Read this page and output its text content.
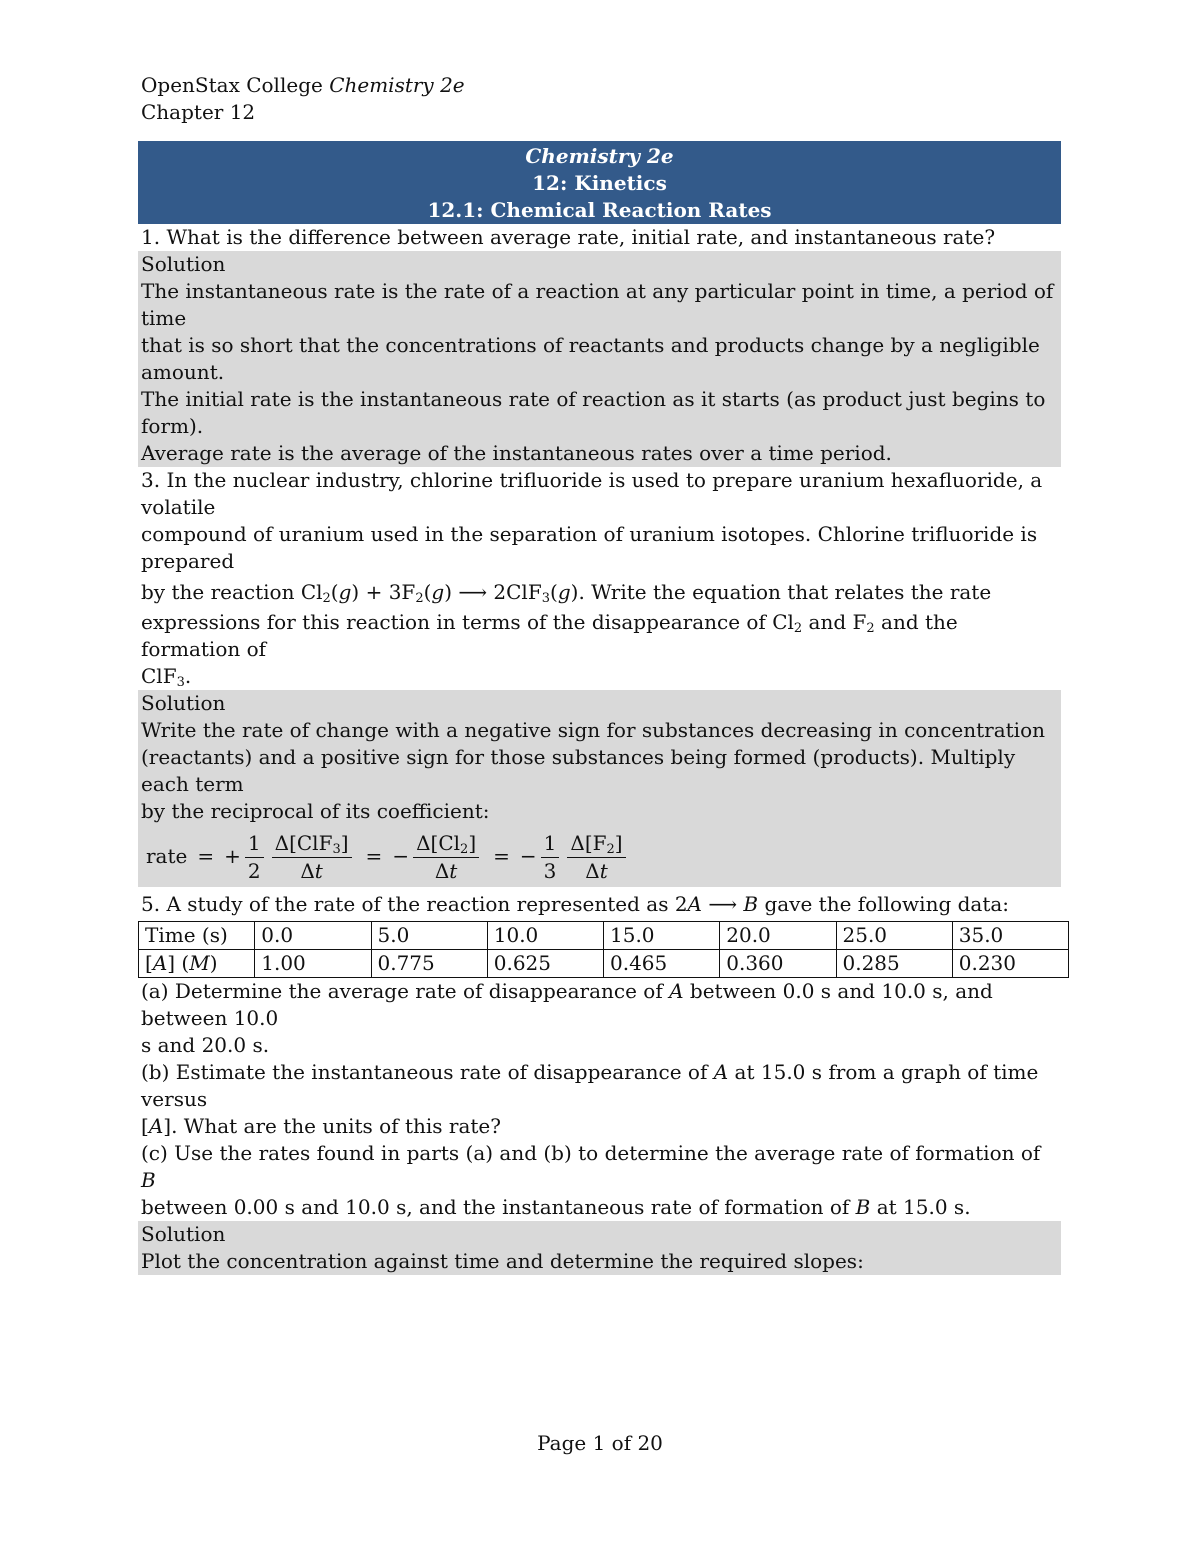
OpenStax College Chemistry 2e
Chapter 12
Chemistry 2e
12: Kinetics
12.1: Chemical Reaction Rates
1. What is the difference between average rate, initial rate, and instantaneous rate?
Solution
The instantaneous rate is the rate of a reaction at any particular point in time, a period of time
that is so short that the concentrations of reactants and products change by a negligible amount.
The initial rate is the instantaneous rate of reaction as it starts (as product just begins to form).
Average rate is the average of the instantaneous rates over a time period.
3. In the nuclear industry, chlorine trifluoride is used to prepare uranium hexafluoride, a volatile
compound of uranium used in the separation of uranium isotopes. Chlorine trifluoride is prepared
by the reaction $Cl_2(g) + 3F_2(g)$ ⟶ 2ClF$_3$(g). Write the equation that relates the rate
expressions for this reaction in terms of the disappearance of $Cl_2$ and $F_2$ and the formation of
ClF$_3$.
Solution
Write the rate of change with a negative sign for substances decreasing in concentration
(reactants) and a positive sign for those substances being formed (products). Multiply each term
by the reciprocal of its coefficient:
rate = + $\frac{1}{2} \frac{\Delta[ClF_3]}{\Delta t}$ = − $\frac{\Delta[Cl_2]}{\Delta t}$ = − $\frac{1}{3} \frac{\Delta[F_2]}{\Delta t}$
5. A study of the rate of the reaction represented as 2A ⟶ B gave the following data:
Time (s)	0.0	5.0	10.0	15.0	20.0	25.0	35.0
[A] (M)	1.00	0.775	0.625	0.465	0.360	0.285	0.230
(a) Determine the average rate of disappearance of A between 0.0 s and 10.0 s, and between 10.0
s and 20.0 s.
(b) Estimate the instantaneous rate of disappearance of A at 15.0 s from a graph of time versus
[A]. What are the units of this rate?
(c) Use the rates found in parts (a) and (b) to determine the average rate of formation of B
between 0.00 s and 10.0 s, and the instantaneous rate of formation of B at 15.0 s.
Solution
Plot the concentration against time and determine the required slopes:
Page 1 of 20
